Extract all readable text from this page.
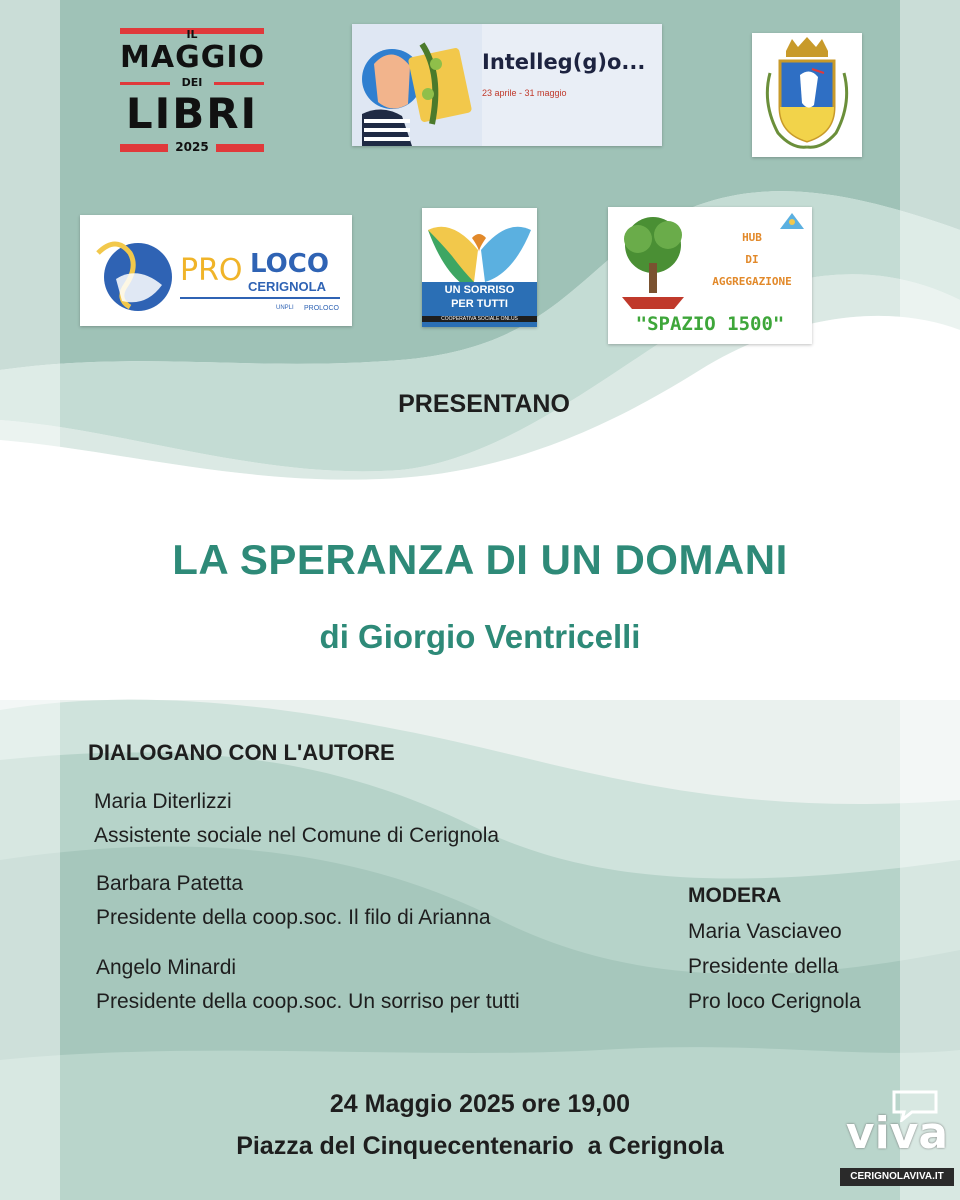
IL
MAGGIO
DEI
LIBRI
2025
Intelleg(g)o...
23 aprile - 31 maggio
PRO LOCO
CERIGNOLA
UNPLI PROLOCO
UN SORRISO
PER TUTTI
COOPERATIVA SOCIALE ONLUS
HUB
DI
AGGREGAZIONE
"SPAZIO 1500"
PRESENTANO
LA SPERANZA DI UN DOMANI
di Giorgio Ventricelli
DIALOGANO CON L'AUTORE
Maria Diterlizzi
Assistente sociale nel Comune di Cerignola
Barbara Patetta
Presidente della coop.soc. Il filo di Arianna
Angelo Minardi
Presidente della coop.soc. Un sorriso per tutti
MODERA
Maria Vasciaveo
Presidente della
Pro loco Cerignola
24 Maggio 2025 ore 19,00
Piazza del Cinquecentenario  a Cerignola	viva
CERIGNOLAVIVA.IT
